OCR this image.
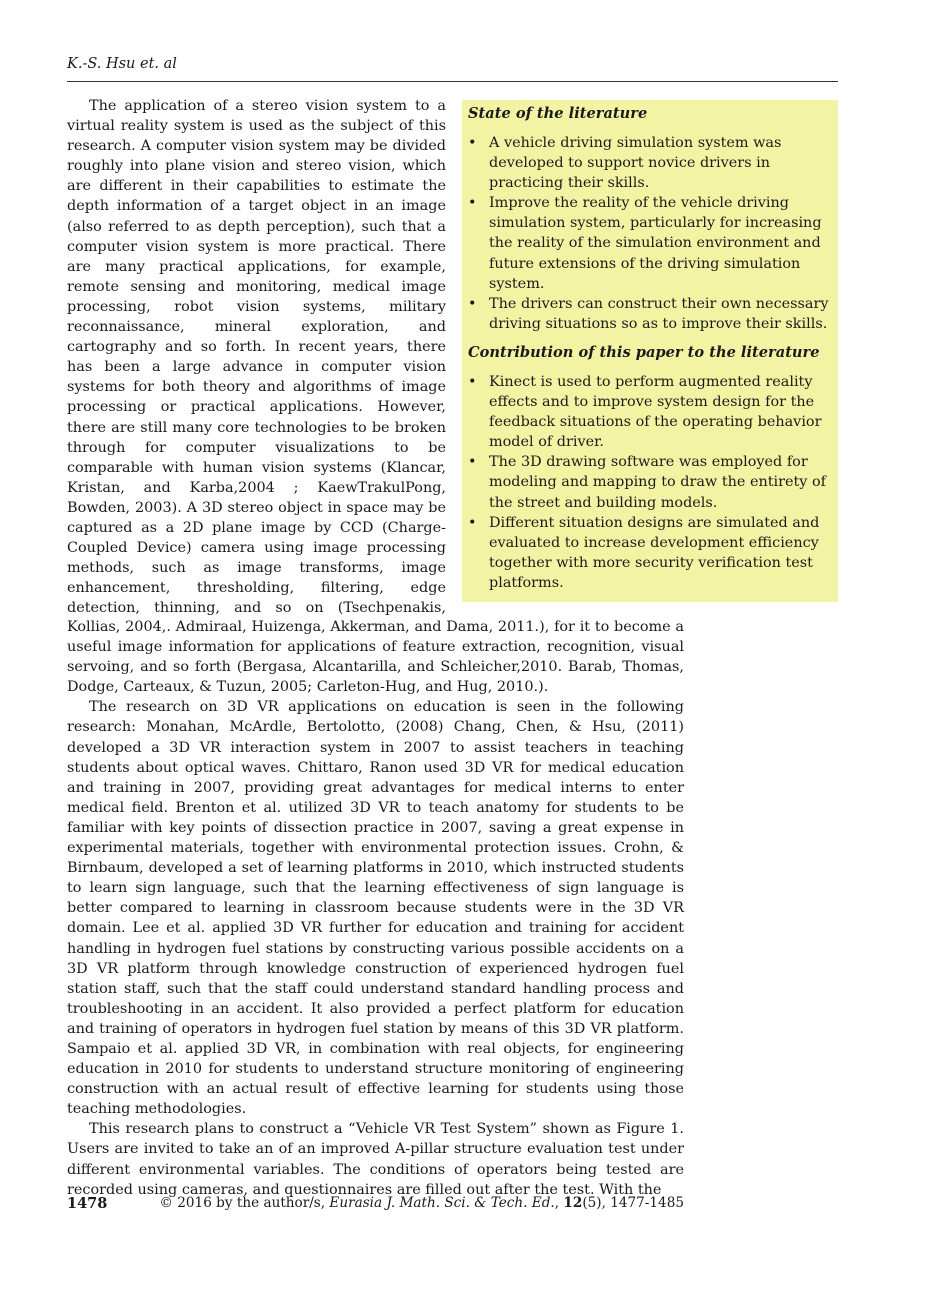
K.-S. Hsu et. al

The application of a stereo vision system to a virtual reality system is used as the subject of this research. A computer vision system may be divided roughly into plane vision and stereo vision, which are different in their capabilities to estimate the depth information of a target object in an image (also referred to as depth perception), such that a computer vision system is more practical. There are many practical applications, for example, remote sensing and monitoring, medical image processing, robot vision systems, military reconnaissance, mineral exploration, and cartography and so forth. In recent years, there has been a large advance in computer vision systems for both theory and algorithms of image processing or practical applications. However, there are still many core technologies to be broken through for computer visualizations to be comparable with human vision systems (Klancar, Kristan, and Karba,2004 ; KaewTrakulPong, Bowden, 2003). A 3D stereo object in space may be captured as a 2D plane image by CCD (Charge-Coupled Device) camera using image processing methods, such as image transforms, image enhancement, thresholding, filtering, edge detection, thinning, and so on (Tsechpenakis,

State of the literature
• A vehicle driving simulation system was developed to support novice drivers in practicing their skills.
• Improve the reality of the vehicle driving simulation system, particularly for increasing the reality of the simulation environment and future extensions of the driving simulation system.
• The drivers can construct their own necessary driving situations so as to improve their skills.
Contribution of this paper to the literature
• Kinect is used to perform augmented reality effects and to improve system design for the feedback situations of the operating behavior model of driver.
• The 3D drawing software was employed for modeling and mapping to draw the entirety of the street and building models.
• Different situation designs are simulated and evaluated to increase development efficiency together with more security verification test platforms.

Kollias, 2004,. Admiraal, Huizenga, Akkerman, and Dama, 2011.), for it to become a useful image information for applications of feature extraction, recognition, visual servoing, and so forth (Bergasa, Alcantarilla, and Schleicher,2010. Barab, Thomas, Dodge, Carteaux, & Tuzun, 2005; Carleton-Hug, and Hug, 2010.).

The research on 3D VR applications on education is seen in the following research: Monahan, McArdle, Bertolotto, (2008) Chang, Chen, & Hsu, (2011) developed a 3D VR interaction system in 2007 to assist teachers in teaching students about optical waves. Chittaro, Ranon used 3D VR for medical education and training in 2007, providing great advantages for medical interns to enter medical field. Brenton et al. utilized 3D VR to teach anatomy for students to be familiar with key points of dissection practice in 2007, saving a great expense in experimental materials, together with environmental protection issues. Crohn, & Birnbaum, developed a set of learning platforms in 2010, which instructed students to learn sign language, such that the learning effectiveness of sign language is better compared to learning in classroom because students were in the 3D VR domain. Lee et al. applied 3D VR further for education and training for accident handling in hydrogen fuel stations by constructing various possible accidents on a 3D VR platform through knowledge construction of experienced hydrogen fuel station staff, such that the staff could understand standard handling process and troubleshooting in an accident. It also provided a perfect platform for education and training of operators in hydrogen fuel station by means of this 3D VR platform. Sampaio et al. applied 3D VR, in combination with real objects, for engineering education in 2010 for students to understand structure monitoring of engineering construction with an actual result of effective learning for students using those teaching methodologies.

This research plans to construct a “Vehicle VR Test System” shown as Figure 1. Users are invited to take an of an improved A-pillar structure evaluation test under different environmental variables. The conditions of operators being tested are recorded using cameras, and questionnaires are filled out after the test. With the

1478	© 2016 by the author/s, Eurasia J. Math. Sci. & Tech. Ed., 12(5), 1477-1485
